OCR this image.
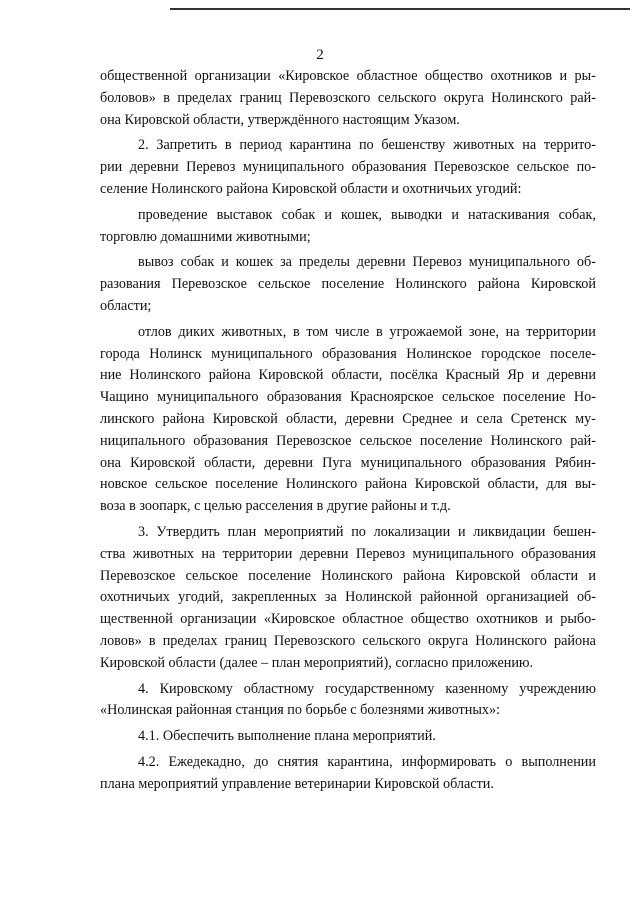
2
общественной организации «Кировское областное общество охотников и ры-
боловов» в пределах границ Перевозского сельского округа Нолинского рай-
она Кировской области, утверждённого настоящим Указом.
2. Запретить в период карантина по бешенству животных на террито-
рии деревни Перевоз муниципального образования Перевозское сельское по-
селение Нолинского района Кировской области и охотничьих угодий:
проведение выставок собак и кошек, выводки и натаскивания собак,
торговлю домашними животными;
вывоз собак и кошек за пределы деревни Перевоз муниципального об-
разования Перевозское сельское поселение Нолинского района Кировской
области;
отлов диких животных, в том числе в угрожаемой зоне, на территории
города Нолинск муниципального образования Нолинское городское поселе-
ние Нолинского района Кировской области, посёлка Красный Яр и деревни
Чащино муниципального образования Краснoярское сельское поселение Но-
линского района Кировской области, деревни Среднее и села Сретенск му-
ниципального образования Перевозское сельское поселение Нолинского рай-
она Кировской области, деревни Пуга муниципального образования Рябин-
новское сельское поселение Нолинского района Кировской области, для вы-
воза в зоопарк, с целью расселения в другие районы и т.д.
3. Утвердить план мероприятий по локализации и ликвидации бешен-
ства животных на территории деревни Перевоз муниципального образования
Перевозское сельское поселение Нолинского района Кировской области и
охотничьих угодий, закрепленных за Нолинской районной организацией об-
щественной организации «Кировское областное общество охотников и рыбо-
ловов» в пределах границ Перевозского сельского округа Нолинского района
Кировской области (далее – план мероприятий), согласно приложению.
4. Кировскому областному государственному казенному учреждению
«Нолинская районная станция по борьбе с болезнями животных»:
4.1. Обеспечить выполнение плана мероприятий.
4.2. Ежедекадно, до снятия карантина, информировать о выполнении
плана мероприятий управление ветеринарии Кировской области.
